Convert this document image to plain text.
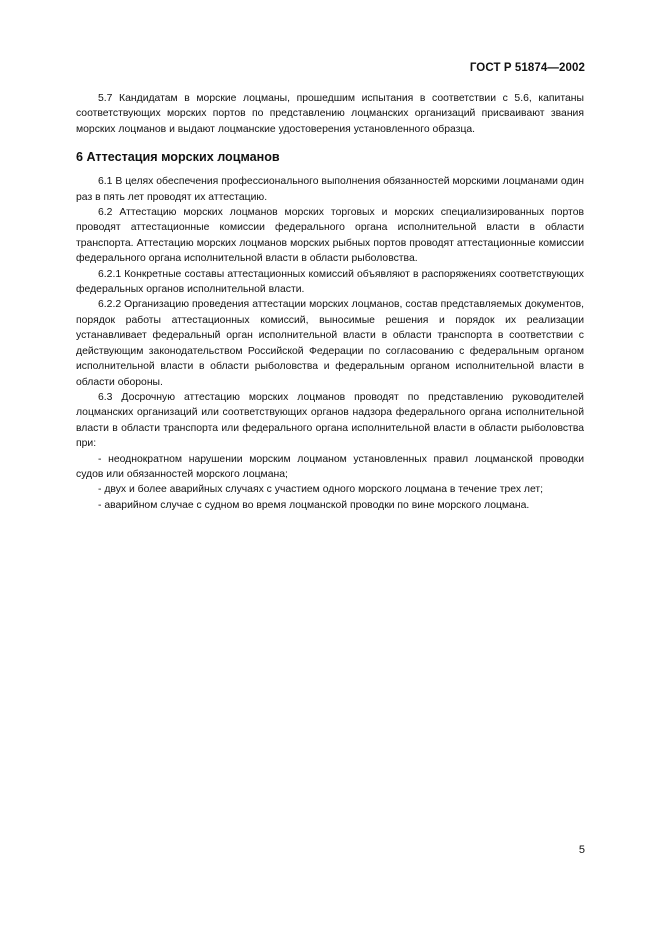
ГОСТ Р 51874—2002

5.7 Кандидатам в морские лоцманы, прошедшим испытания в соответствии с 5.6, капитаны соответствующих морских портов по представлению лоцманских организаций присваивают звания морских лоцманов и выдают лоцманские удостоверения установленного образца.

6 Аттестация морских лоцманов

6.1 В целях обеспечения профессионального выполнения обязанностей морскими лоцманами один раз в пять лет проводят их аттестацию.

6.2 Аттестацию морских лоцманов морских торговых и морских специализированных портов проводят аттестационные комиссии федерального органа исполнительной власти в области транспорта. Аттестацию морских лоцманов морских рыбных портов проводят аттестационные комиссии федерального органа исполнительной власти в области рыболовства.

6.2.1 Конкретные составы аттестационных комиссий объявляют в распоряжениях соответствующих федеральных органов исполнительной власти.

6.2.2 Организацию проведения аттестации морских лоцманов, состав представляемых документов, порядок работы аттестационных комиссий, выносимые решения и порядок их реализации устанавливает федеральный орган исполнительной власти в области транспорта в соответствии с действующим законодательством Российской Федерации по согласованию с федеральным органом исполнительной власти в области рыболовства и федеральным органом исполнительной власти в области обороны.

6.3 Досрочную аттестацию морских лоцманов проводят по представлению руководителей лоцманских организаций или соответствующих органов надзора федерального органа исполнительной власти в области транспорта или федерального органа исполнительной власти в области рыболовства при:

- неоднократном нарушении морским лоцманом установленных правил лоцманской проводки судов или обязанностей морского лоцмана;

- двух и более аварийных случаях с участием одного морского лоцмана в течение трех лет;

- аварийном случае с судном во время лоцманской проводки по вине морского лоцмана.

5
